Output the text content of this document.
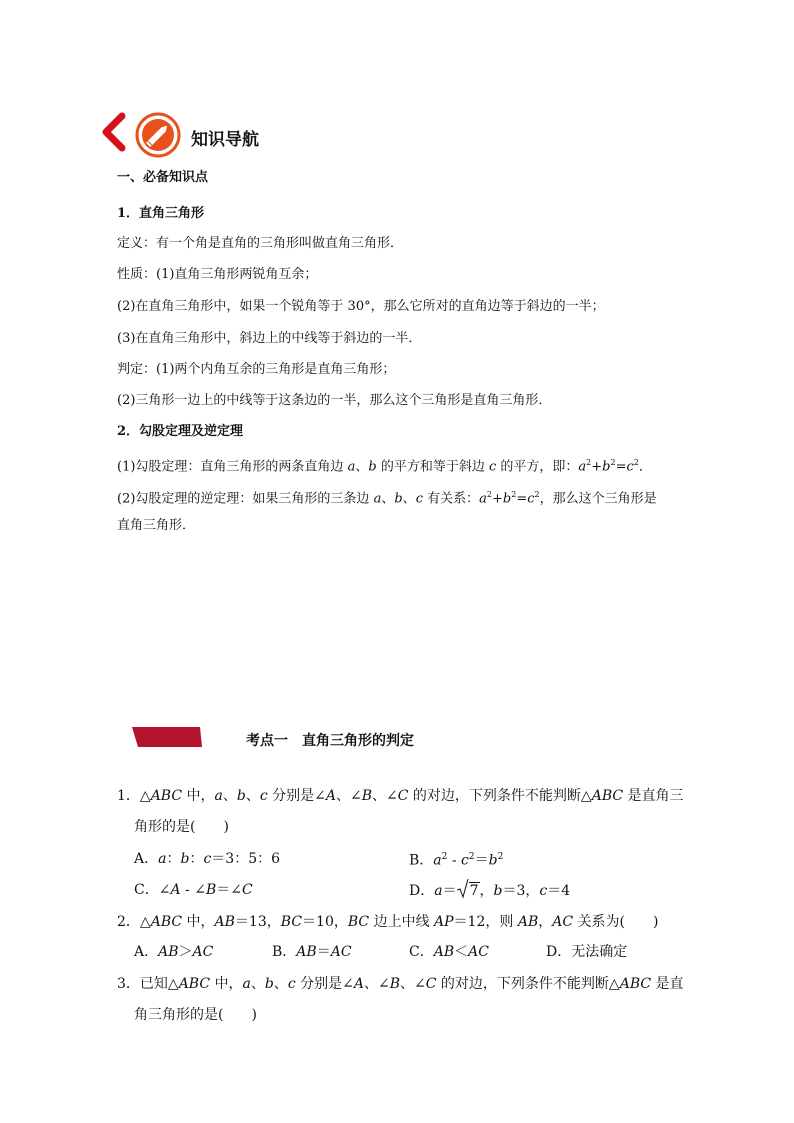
知识导航
一、必备知识点
1．直角三角形
定义：有一个角是直角的三角形叫做直角三角形．
性质：(1)直角三角形两锐角互余；
(2)在直角三角形中，如果一个锐角等于 30°，那么它所对的直角边等于斜边的一半；
(3)在直角三角形中，斜边上的中线等于斜边的一半．
判定：(1)两个内角互余的三角形是直角三角形；
(2)三角形一边上的中线等于这条边的一半，那么这个三角形是直角三角形．
2．勾股定理及逆定理
(1)勾股定理：直角三角形的两条直角边 a、b 的平方和等于斜边 c 的平方，即：$a^2+b^2=c^2$．
(2)勾股定理的逆定理：如果三角形的三条边 a、b、c 有关系：$a^2+b^2=c^2$，那么这个三角形是
直角三角形．
考点一　直角三角形的判定
1．△ABC 中，a、b、c 分别是∠A、∠B、∠C 的对边，下列条件不能判断△ABC 是直角三
角形的是(　　)
A．a：b：c＝3：5：6	B．$a^2 - c^2=b^2$
C．∠A - ∠B＝∠C	D．a＝ 7，b＝3，c＝4
2．△ABC 中，AB＝13，BC＝10，BC 边上中线 AP＝12，则 AB，AC 关系为(　　)
A．AB＞AC	B．AB＝AC	C．AB＜AC	D．无法确定
3．已知△ABC 中，a、b、c 分别是∠A、∠B、∠C 的对边，下列条件不能判断△ABC 是直
角三角形的是(　　)
